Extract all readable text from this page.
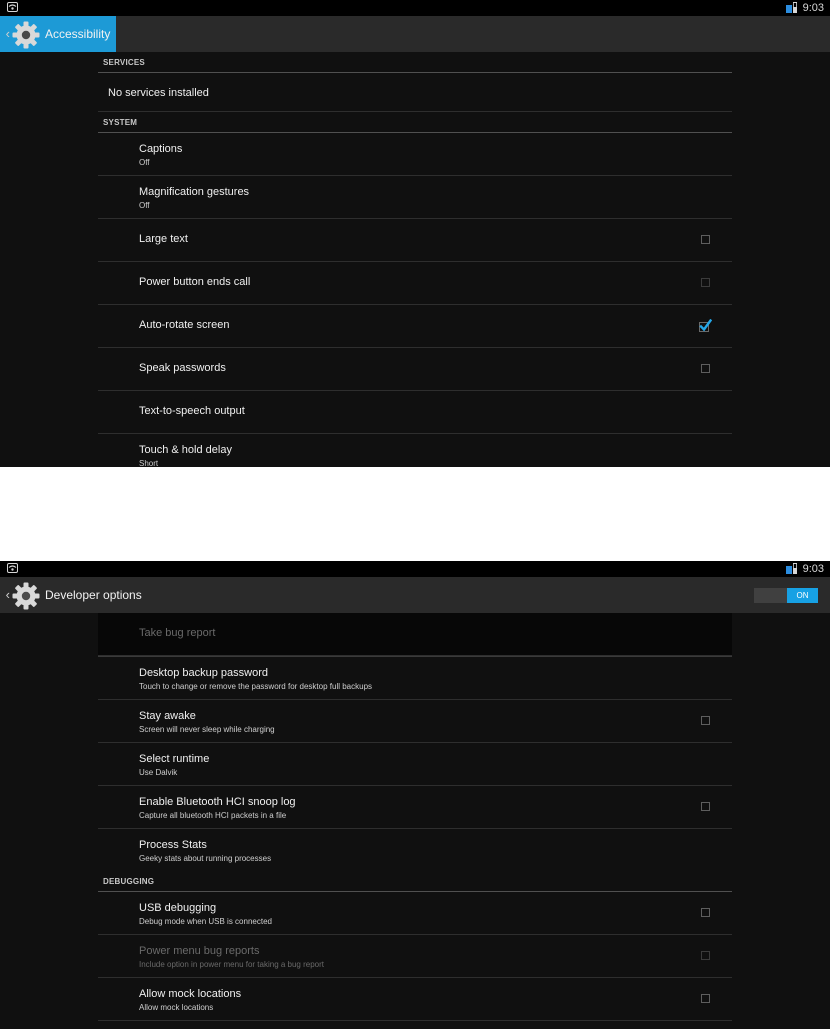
9:03
‹	Accessibility
SERVICES
No services installed
SYSTEM
Captions
Off
Magnification gestures
Off
Large text
Power button ends call
Auto-rotate screen
Speak passwords
Text-to-speech output
Touch & hold delay
Short
9:03
‹	Developer options	ON
Take bug report
Desktop backup password
Touch to change or remove the password for desktop full backups
Stay awake
Screen will never sleep while charging
Select runtime
Use Dalvik
Enable Bluetooth HCI snoop log
Capture all bluetooth HCI packets in a file
Process Stats
Geeky stats about running processes
DEBUGGING
USB debugging
Debug mode when USB is connected
Power menu bug reports
Include option in power menu for taking a bug report
Allow mock locations
Allow mock locations
